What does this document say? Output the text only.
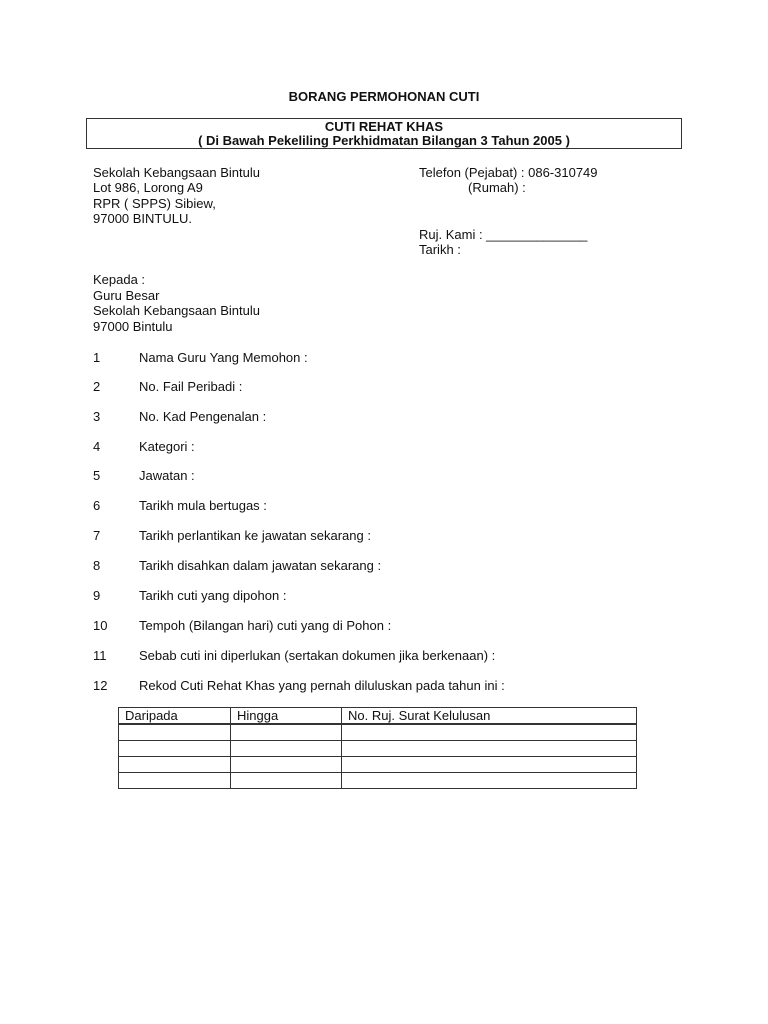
BORANG PERMOHONAN CUTI
CUTI REHAT KHAS
( Di Bawah Pekeliling Perkhidmatan Bilangan 3 Tahun 2005 )
Sekolah Kebangsaan Bintulu
Lot 986, Lorong A9
RPR ( SPPS) Sibiew,
97000 BINTULU.
Telefon (Pejabat) : 086-310749
(Rumah) :
Ruj. Kami : ______________
Tarikh :
Kepada :
Guru Besar
Sekolah Kebangsaan Bintulu
97000 Bintulu
1	Nama Guru Yang Memohon :
2	No. Fail Peribadi :
3	No. Kad Pengenalan :
4	Kategori :
5	Jawatan :
6	Tarikh mula bertugas :
7	Tarikh perlantikan ke jawatan sekarang :
8	Tarikh disahkan dalam jawatan sekarang :
9	Tarikh cuti yang dipohon :
10 Tempoh (Bilangan hari) cuti yang di Pohon :
11	Sebab cuti ini diperlukan (sertakan dokumen jika berkenaan) :
12 Rekod Cuti Rehat Khas yang pernah diluluskan pada tahun ini :
Daripada	Hingga	No. Ruj. Surat Kelulusan
